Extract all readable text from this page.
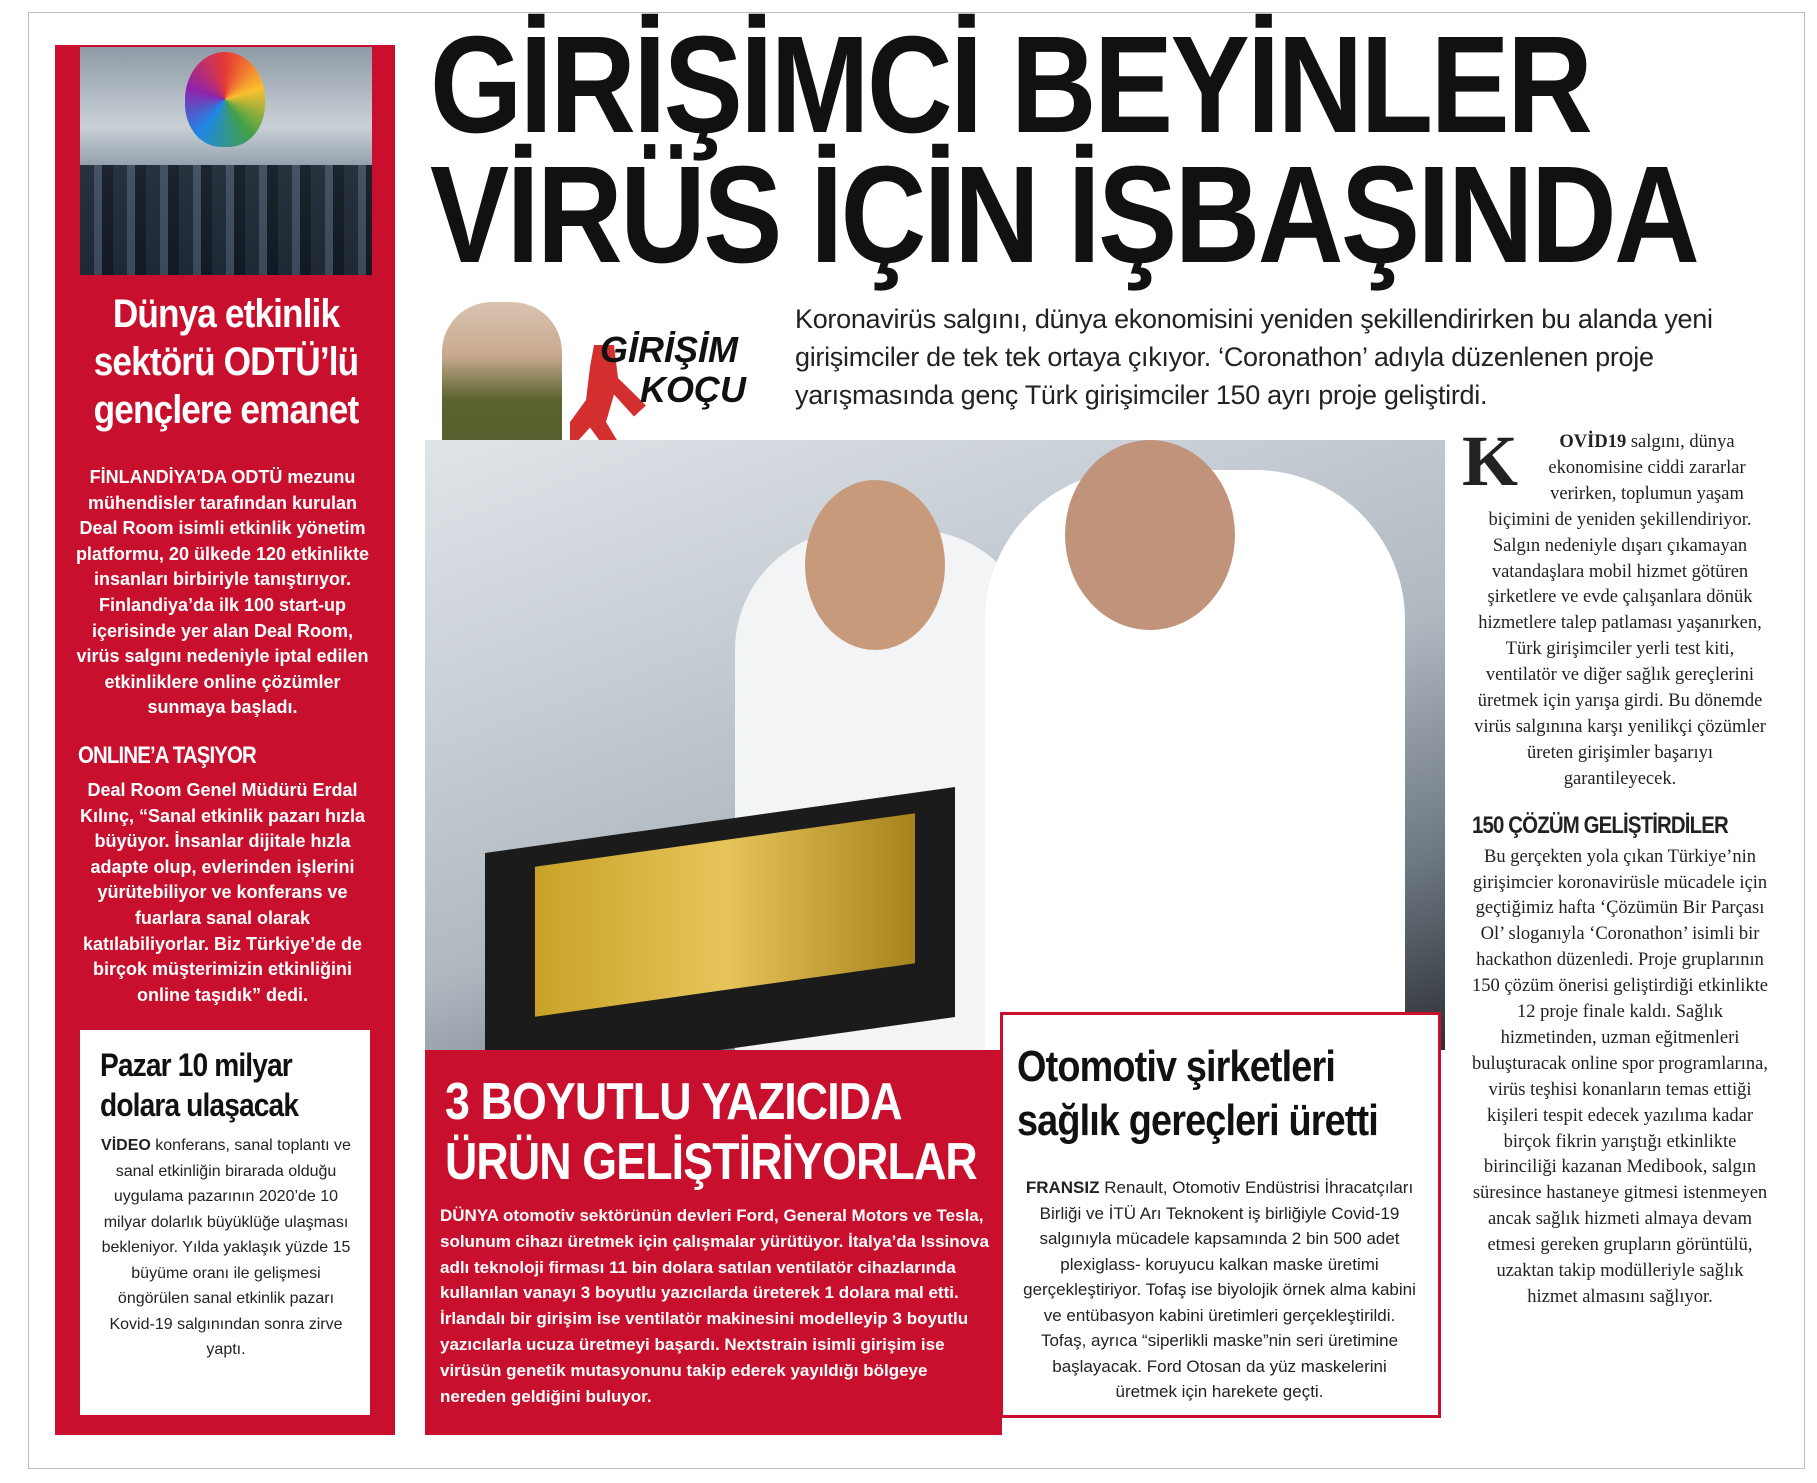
Dünya etkinlik sektörü ODTÜ’lü gençlere emanet
FİNLANDİYA’DA ODTÜ mezunu mühendisler tarafından kurulan Deal Room isimli etkinlik yönetim platformu, 20 ülkede 120 etkinlikte insanları birbiriyle tanıştırıyor. Finlandiya’da ilk 100 start-up içerisinde yer alan Deal Room, virüs salgını nedeniyle iptal edilen etkinliklere online çözümler sunmaya başladı.
ONLINE’A TAŞIYOR
Deal Room Genel Müdürü Erdal Kılınç, “Sanal etkinlik pazarı hızla büyüyor. İnsanlar dijitale hızla adapte olup, evlerinden işlerini yürütebiliyor ve konferans ve fuarlara sanal olarak katılabiliyorlar. Biz Türkiye’de de birçok müşterimizin etkinliğini online taşıdık” dedi.
Pazar 10 milyar dolara ulaşacak
VİDEO konferans, sanal toplantı ve sanal etkinliğin birarada olduğu uygulama pazarının 2020’de 10 milyar dolarlık büyüklüğe ulaşması bekleniyor. Yılda yaklaşık yüzde 15 büyüme oranı ile gelişmesi öngörülen sanal etkinlik pazarı Kovid-19 salgınından sonra zirve yaptı.
GİRİŞİMCİ BEYİNLER
VİRÜS İÇİN İŞBAŞINDA
GİRİŞİM
KOÇU
Koronavirüs salgını, dünya ekonomisini yeniden şekillendirirken bu alanda yeni girişimciler de tek tek ortaya çıkıyor. ‘Coronathon’ adıyla düzenlenen proje yarışmasında genç Türk girişimciler 150 ayrı proje geliştirdi.
3 BOYUTLU YAZICIDA
ÜRÜN GELİŞTİRİYORLAR
DÜNYA otomotiv sektörünün devleri Ford, General Motors ve Tesla, solunum cihazı üretmek için çalışmalar yürütüyor. İtalya’da Issinova adlı teknoloji firması 11 bin dolara satılan ventilatör cihazlarında kullanılan vanayı 3 boyutlu yazıcılarda üreterek 1 dolara mal etti. İrlandalı bir girişim ise ventilatör makinesini modelleyip 3 boyutlu yazıcılarla ucuza üretmeyi başardı. Nextstrain isimli girişim ise virüsün genetik mutasyonunu takip ederek yayıldığı bölgeye nereden geldiğini buluyor.
Otomotiv şirketleri
sağlık gereçleri üretti
FRANSIZ Renault, Otomotiv Endüstrisi İhracatçıları Birliği ve İTÜ Arı Teknokent iş birliğiyle Covid-19 salgınıyla mücadele kapsamında 2 bin 500 adet plexiglass- koruyucu kalkan maske üretimi gerçekleştiriyor. Tofaş ise biyolojik örnek alma kabini ve entübasyon kabini üretimleri gerçekleştirildi. Tofaş, ayrıca “siperlikli maske”nin seri üretimine başlayacak. Ford Otosan da yüz maskelerini üretmek için harekete geçti.
K OVİD19 salgını, dünya ekonomisine ciddi zararlar verirken, toplumun yaşam biçimini de yeniden şekillendiriyor. Salgın nedeniyle dışarı çıkamayan vatandaşlara mobil hizmet götüren şirketlere ve evde çalışanlara dönük hizmetlere talep patlaması yaşanırken, Türk girişimciler yerli test kiti, ventilatör ve diğer sağlık gereçlerini üretmek için yarışa girdi. Bu dönemde virüs salgınına karşı yenilikçi çözümler üreten girişimler başarıyı garantileyecek.
150 ÇÖZÜM GELİŞTİRDİLER
Bu gerçekten yola çıkan Türkiye’nin girişimcier koronavirüsle mücadele için geçtiğimiz hafta ‘Çözümün Bir Parçası Ol’ sloganıyla ‘Coronathon’ isimli bir hackathon düzenledi. Proje gruplarının 150 çözüm önerisi geliştirdiği etkinlikte 12 proje finale kaldı. Sağlık hizmetinden, uzman eğitmenleri buluşturacak online spor programlarına, virüs teşhisi konanların temas ettiği kişileri tespit edecek yazılıma kadar birçok fikrin yarıştığı etkinlikte birinciliği kazanan Medibook, salgın süresince hastaneye gitmesi istenmeyen ancak sağlık hizmeti almaya devam etmesi gereken grupların görüntülü, uzaktan takip modülleriyle sağlık hizmet almasını sağlıyor.
